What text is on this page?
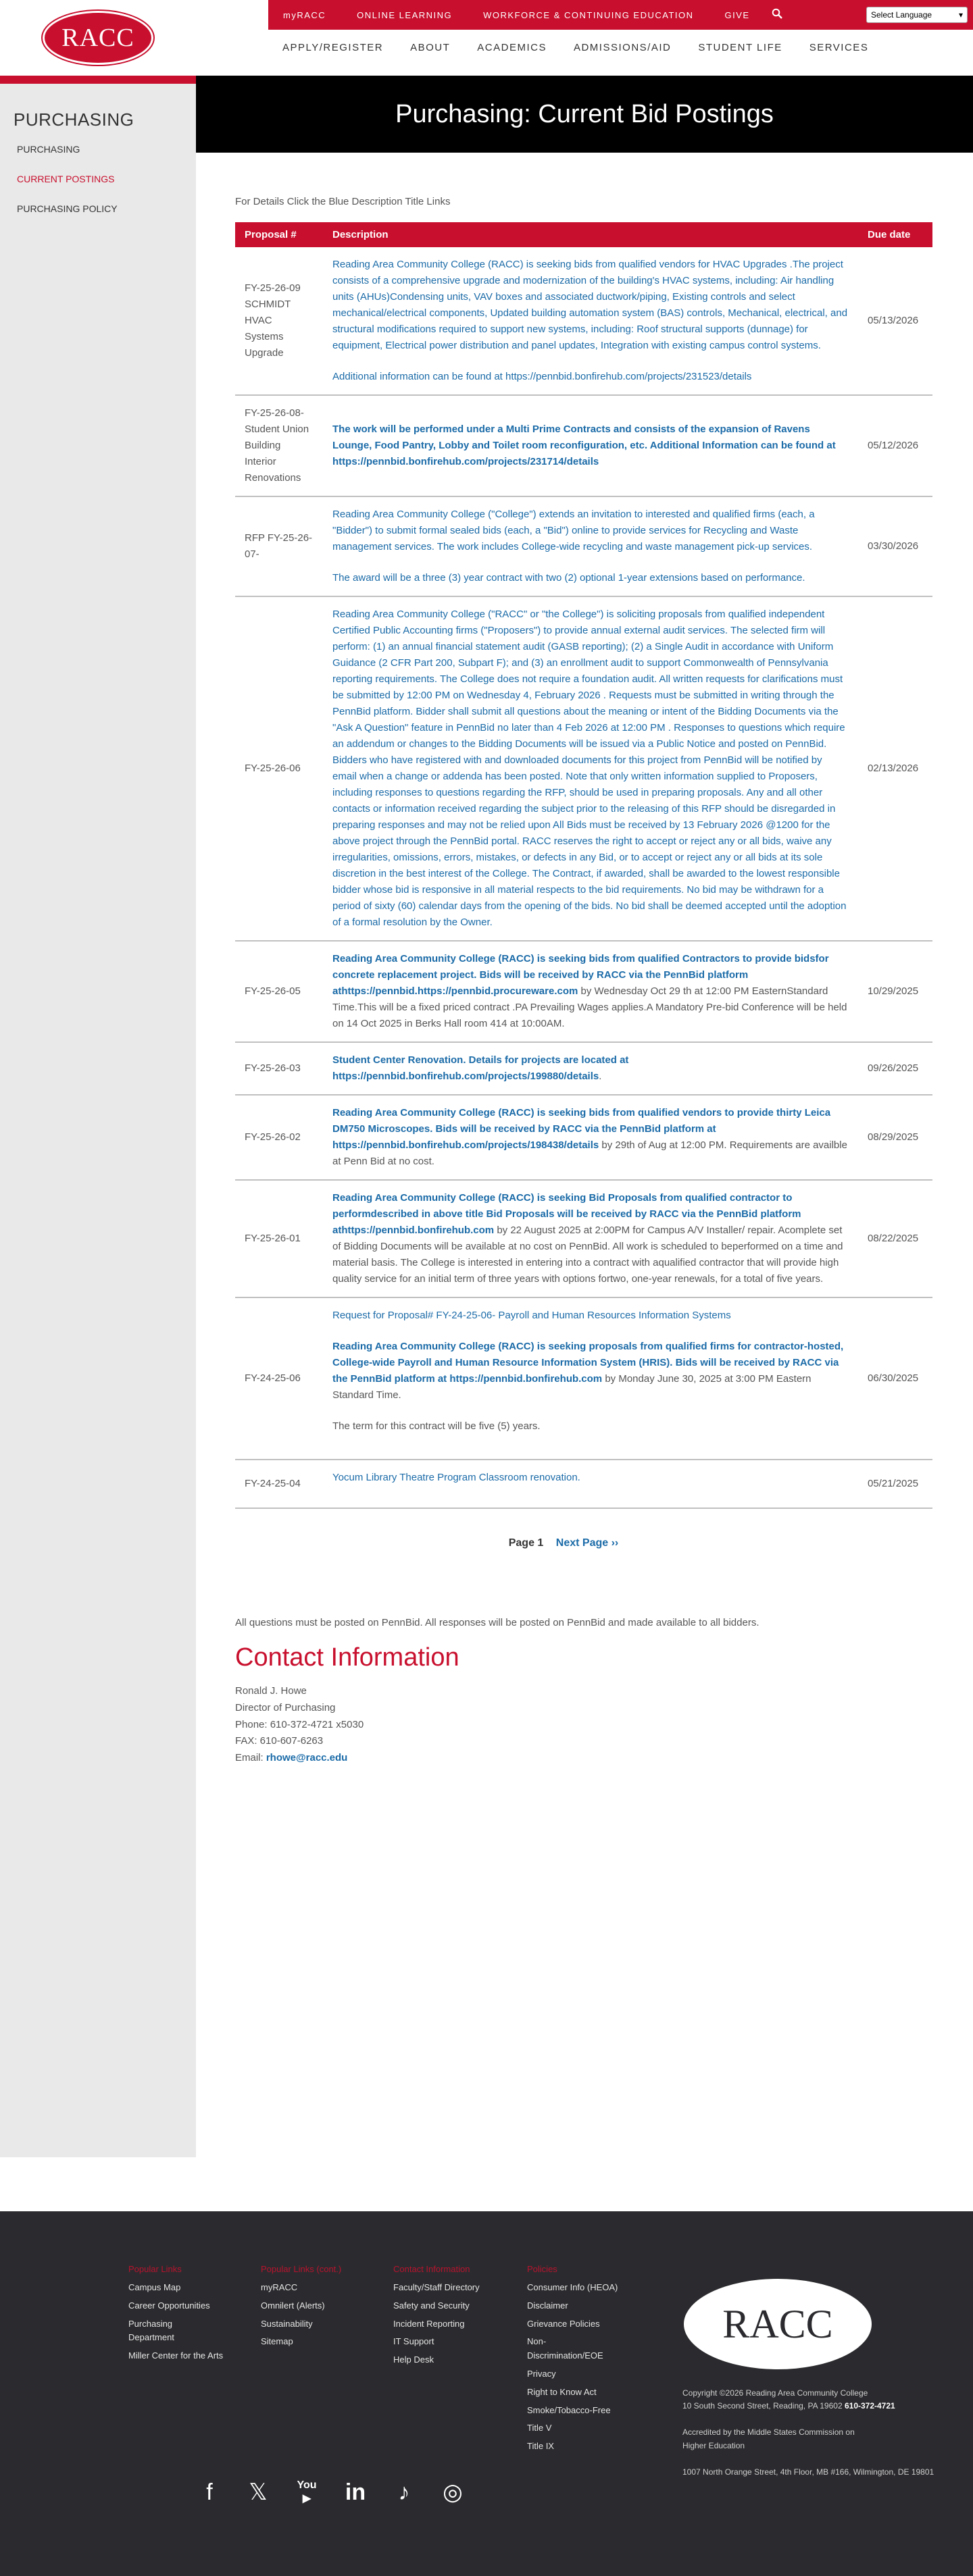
RACC
myRACC	ONLINE LEARNING	WORKFORCE & CONTINUING EDUCATION	GIVE	Select Language	▾
APPLY/REGISTER	ABOUT	ACADEMICS	ADMISSIONS/AID	STUDENT LIFE	SERVICES
PURCHASING
PURCHASING
CURRENT POSTINGS
PURCHASING POLICY
Purchasing: Current Bid Postings

For Details Click the Blue Description Title Links

Proposal #	Description	Due date
FY-25-26-09 SCHMIDT HVAC Systems Upgrade	Reading Area Community College (RACC) is seeking bids from qualified vendors for HVAC Upgrades .The project consists of a comprehensive upgrade and modernization of the building's HVAC systems, including: Air handling units (AHUs)Condensing units, VAV boxes and associated ductwork/piping, Existing controls and select mechanical/electrical components, Updated building automation system (BAS) controls, Mechanical, electrical, and structural modifications required to support new systems, including: Roof structural supports (dunnage) for equipment, Electrical power distribution and panel updates, Integration with existing campus control systems.
Additional information can be found at https://pennbid.bonfirehub.com/projects/231523/details	05/13/2026
FY-25-26-08- Student Union Building Interior Renovations	The work will be performed under a Multi Prime Contracts and consists of the expansion of Ravens Lounge, Food Pantry, Lobby and Toilet room reconfiguration, etc. Additional Information can be found at https://pennbid.bonfirehub.com/projects/231714/details	05/12/2026
RFP FY-25-26-07-	Reading Area Community College ("College") extends an invitation to interested and qualified firms (each, a "Bidder") to submit formal sealed bids (each, a "Bid") online to provide services for Recycling and Waste management services. The work includes College-wide recycling and waste management pick-up services.
The award will be a three (3) year contract with two (2) optional 1-year extensions based on performance.	03/30/2026
FY-25-26-06	Reading Area Community College ("RACC" or "the College") is soliciting proposals from qualified independent Certified Public Accounting firms ("Proposers") to provide annual external audit services. The selected firm will perform: (1) an annual financial statement audit (GASB reporting); (2) a Single Audit in accordance with Uniform Guidance (2 CFR Part 200, Subpart F); and (3) an enrollment audit to support Commonwealth of Pennsylvania reporting requirements. The College does not require a foundation audit. All written requests for clarifications must be submitted by 12:00 PM on Wednesday 4, February 2026 . Requests must be submitted in writing through the PennBid platform. Bidder shall submit all questions about the meaning or intent of the Bidding Documents via the "Ask A Question" feature in PennBid no later than 4 Feb 2026 at 12:00 PM . Responses to questions which require an addendum or changes to the Bidding Documents will be issued via a Public Notice and posted on PennBid. Bidders who have registered with and downloaded documents for this project from PennBid will be notified by email when a change or addenda has been posted. Note that only written information supplied to Proposers, including responses to questions regarding the RFP, should be used in preparing proposals. Any and all other contacts or information received regarding the subject prior to the releasing of this RFP should be disregarded in preparing responses and may not be relied upon All Bids must be received by 13 February 2026 @1200 for the above project through the PennBid portal. RACC reserves the right to accept or reject any or all bids, waive any irregularities, omissions, errors, mistakes, or defects in any Bid, or to accept or reject any or all bids at its sole discretion in the best interest of the College. The Contract, if awarded, shall be awarded to the lowest responsible bidder whose bid is responsive in all material respects to the bid requirements. No bid may be withdrawn for a period of sixty (60) calendar days from the opening of the bids. No bid shall be deemed accepted until the adoption of a formal resolution by the Owner.	02/13/2026
FY-25-26-05	Reading Area Community College (RACC) is seeking bids from qualified Contractors to provide bidsfor concrete replacement project. Bids will be received by RACC via the PennBid platform athttps://pennbid.https://pennbid.procureware.com by Wednesday Oct 29 th at 12:00 PM EasternStandard Time.This will be a fixed priced contract .PA Prevailing Wages applies.A Mandatory Pre-bid Conference will be held on 14 Oct 2025 in Berks Hall room 414 at 10:00AM.	10/29/2025
FY-25-26-03	Student Center Renovation. Details for projects are located at https://pennbid.bonfirehub.com/projects/199880/details.	09/26/2025
FY-25-26-02	Reading Area Community College (RACC) is seeking bids from qualified vendors to provide thirty Leica DM750 Microscopes. Bids will be received by RACC via the PennBid platform at https://pennbid.bonfirehub.com/projects/198438/details by 29th of Aug at 12:00 PM. Requirements are availble at Penn Bid at no cost.	08/29/2025
FY-25-26-01	Reading Area Community College (RACC) is seeking Bid Proposals from qualified contractor to performdescribed in above title Bid Proposals will be received by RACC via the PennBid platform athttps://pennbid.bonfirehub.com by 22 August 2025 at 2:00PM for Campus A/V Installer/ repair. Acomplete set of Bidding Documents will be available at no cost on PennBid. All work is scheduled to beperformed on a time and material basis. The College is interested in entering into a contract with aqualified contractor that will provide high quality service for an initial term of three years with options fortwo, one-year renewals, for a total of five years.	08/22/2025
FY-24-25-06	Request for Proposal# FY-24-25-06- Payroll and Human Resources Information Systems
Reading Area Community College (RACC) is seeking proposals from qualified firms for contractor-hosted, College-wide Payroll and Human Resource Information System (HRIS). Bids will be received by RACC via the PennBid platform at https://pennbid.bonfirehub.com by Monday June 30, 2025 at 3:00 PM Eastern Standard Time.
The term for this contract will be five (5) years.	06/30/2025
FY-24-25-04	Yocum Library Theatre Program Classroom renovation.	05/21/2025
Page 1 Next Page ››

All questions must be posted on PennBid. All responses will be posted on PennBid and made available to all bidders.

Contact Information
Ronald J. Howe
Director of Purchasing
Phone: 610-372-4721 x5030
FAX: 610-607-6263
Email: rhowe@racc.edu
Popular Links
Campus Map
Career Opportunities
Purchasing Department
Miller Center for the Arts
Popular Links (cont.)
myRACC
Omnilert (Alerts)
Sustainability
Sitemap
Contact Information
Faculty/Staff Directory
Safety and Security
Incident Reporting
IT Support
Help Desk
Policies
Consumer Info (HEOA)
Disclaimer
Grievance Policies
Non-Discrimination/EOE
Privacy
Right to Know Act
Smoke/Tobacco-Free
Title V
Title IX
RACC
Copyright ©2026 Reading Area Community College
10 South Second Street, Reading, PA 19602 610-372-4721
Accredited by the Middle States Commission on Higher Education
1007 North Orange Street, 4th Floor, MB #166, Wilmington, DE 19801
f	𝕏	You
▶	in	♪	◎
